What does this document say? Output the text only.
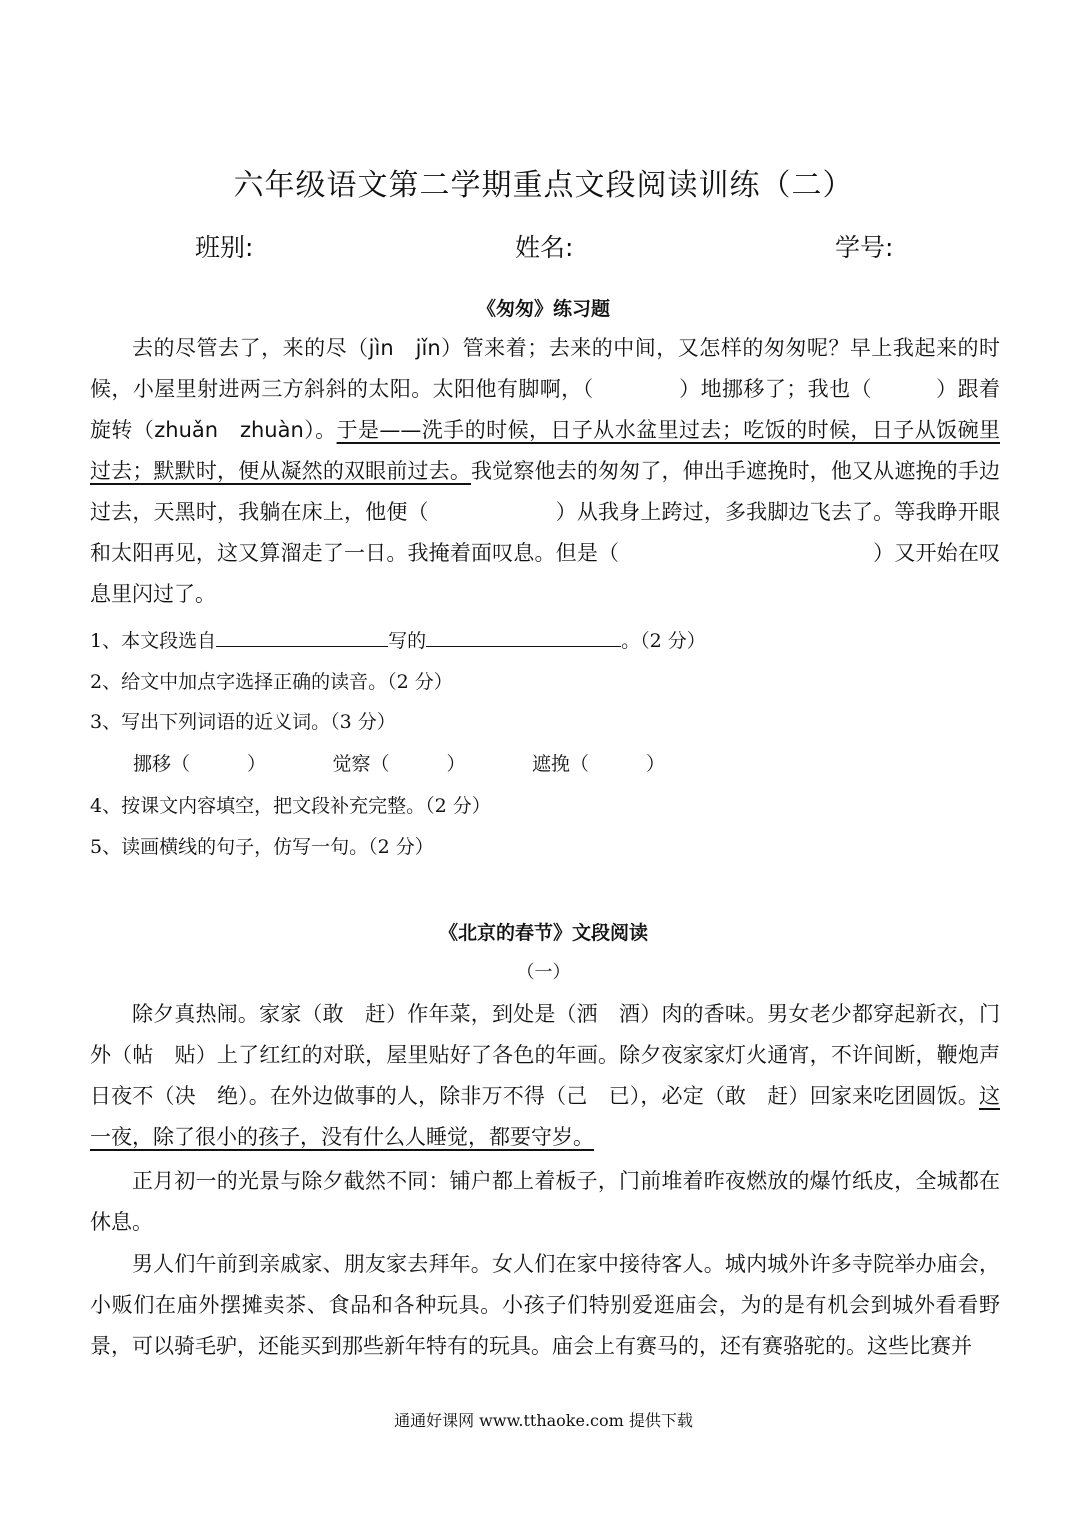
六年级语文第二学期重点文段阅读训练（二）
班别:	姓名:	学号:
《匆匆》练习题
去的尽管去了，来的尽（jìn　jǐn）管来着；去来的中间，又怎样的匆匆呢？早上我起来的时候，小屋里射进两三方斜斜的太阳。太阳他有脚啊，（　　　　）地挪移了；我也（　　　）跟着旋转（zhuǎn　zhuàn）。于是——洗手的时候，日子从水盆里过去；吃饭的时候，日子从饭碗里过去；默默时，便从凝然的双眼前过去。我觉察他去的匆匆了，伸出手遮挽时，他又从遮挽的手边过去，天黑时，我躺在床上，他便（　　　　　　）从我身上跨过，多我脚边飞去了。等我睁开眼和太阳再见，这又算溜走了一日。我掩着面叹息。但是（　　　　　　　　　　　　）又开始在叹息里闪过了。
1、本文段选自	写的	。（2 分）
2、给文中加点字选择正确的读音。（2 分）
3、写出下列词语的近义词。（3 分）
挪移（　　　）　　　　觉察（　　　）　　　　遮挽（　　　）
4、按课文内容填空，把文段补充完整。（2 分）
5、读画横线的句子，仿写一句。（2 分）
《北京的春节》文段阅读
（一）
除夕真热闹。家家（敢　赶）作年菜，到处是（洒　酒）肉的香味。男女老少都穿起新衣，门外（帖　贴）上了红红的对联，屋里贴好了各色的年画。除夕夜家家灯火通宵，不许间断，鞭炮声日夜不（决　绝）。在外边做事的人，除非万不得（己　已），必定（敢　赶）回家来吃团圆饭。这一夜，除了很小的孩子，没有什么人睡觉，都要守岁。
正月初一的光景与除夕截然不同：铺户都上着板子，门前堆着昨夜燃放的爆竹纸皮，全城都在休息。
男人们午前到亲戚家、朋友家去拜年。女人们在家中接待客人。城内城外许多寺院举办庙会，小贩们在庙外摆摊卖茶、食品和各种玩具。小孩子们特别爱逛庙会，为的是有机会到城外看看野景，可以骑毛驴，还能买到那些新年特有的玩具。庙会上有赛马的，还有赛骆驼的。这些比赛并
通通好课网 www.tthaoke.com 提供下载
